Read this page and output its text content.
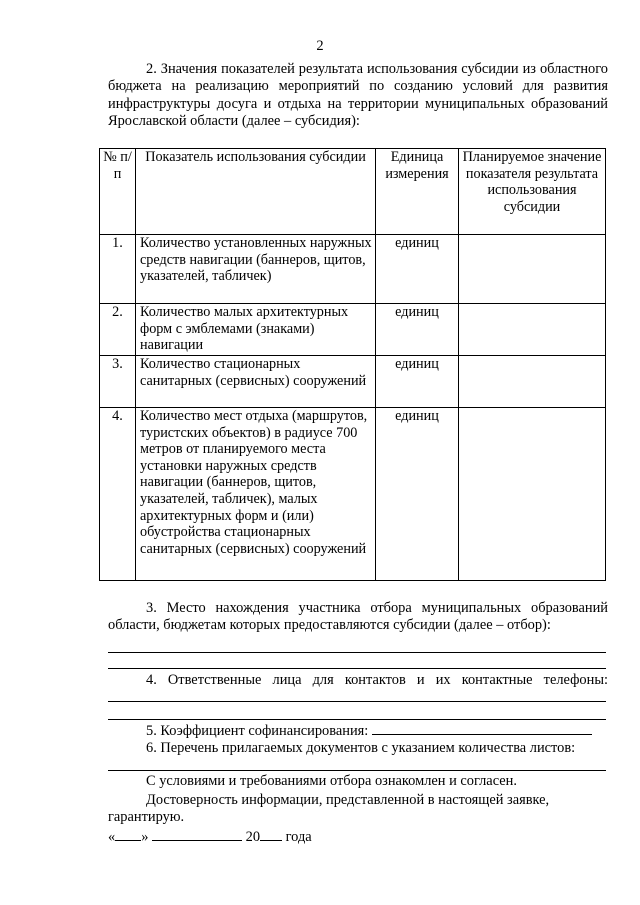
2
2. Значения показателей результата использования субсидии из областного бюджета на реализацию мероприятий по созданию условий для развития инфраструктуры досуга и отдыха на территории муниципальных образований Ярославской области (далее – субсидия):
№ п/п	Показатель использования субсидии	Единица измерения	Планируемое значение показателя результата использования субсидии
1.	Количество установленных наружных средств навигации (баннеров, щитов, указателей, табличек)	единиц	
2.	Количество малых архитектурных форм с эмблемами (знаками) навигации	единиц	
3.	Количество стационарных санитарных (сервисных) сооружений	единиц	
4.	Количество мест отдыха (маршрутов, туристских объектов) в радиусе 700 метров от планируемого места установки наружных средств навигации (баннеров, щитов, указателей, табличек), малых архитектурных форм и (или) обустройства стационарных санитарных (сервисных) сооружений	единиц	
3. Место нахождения участника отбора муниципальных образований области, бюджетам которых предоставляются субсидии (далее – отбор):
4. Ответственные лица для контактов и их контактные телефоны:
5. Коэффициент софинансирования:
6. Перечень прилагаемых документов с указанием количества листов:
С условиями и требованиями отбора ознакомлен и согласен.
Достоверность информации, представленной в настоящей заявке, гарантирую.
« »	20 года
